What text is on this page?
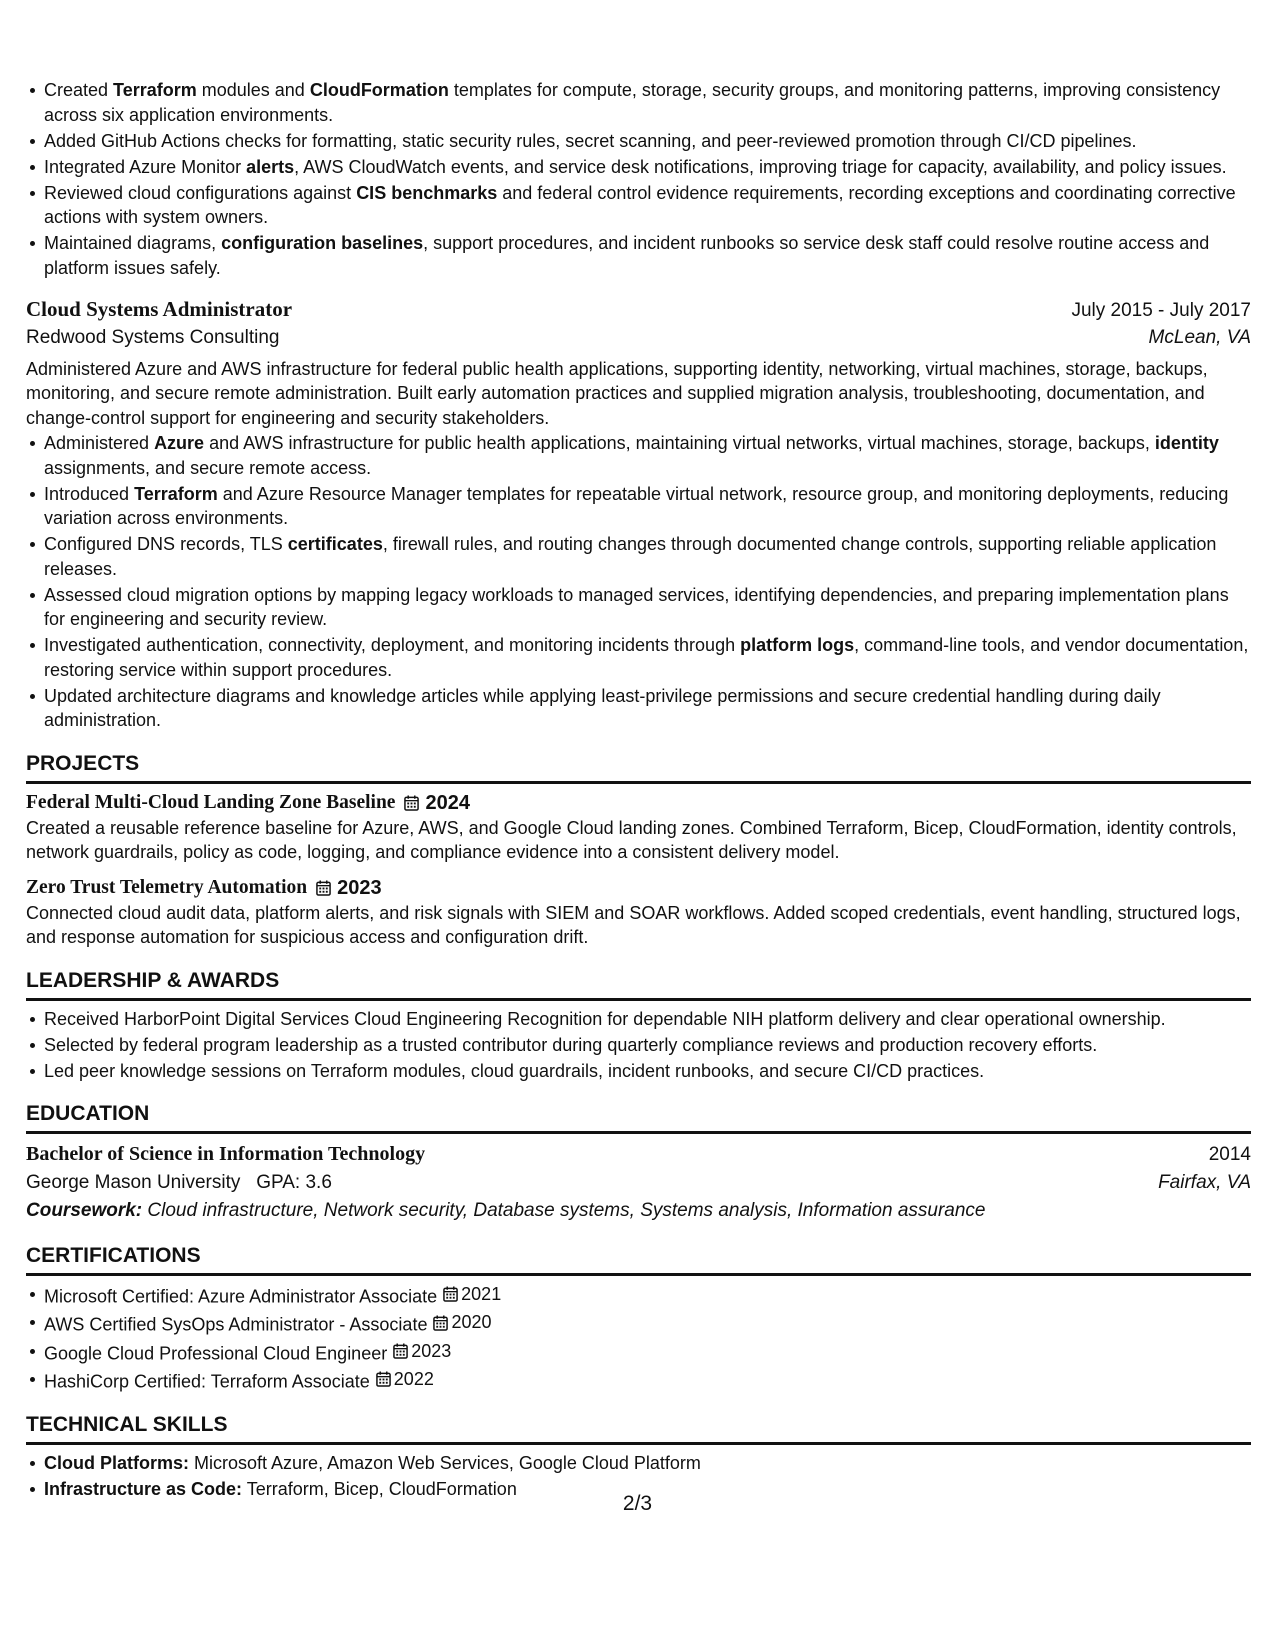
Created Terraform modules and CloudFormation templates for compute, storage, security groups, and monitoring patterns, improving consistency across six application environments.
Added GitHub Actions checks for formatting, static security rules, secret scanning, and peer-reviewed promotion through CI/CD pipelines.
Integrated Azure Monitor alerts, AWS CloudWatch events, and service desk notifications, improving triage for capacity, availability, and policy issues.
Reviewed cloud configurations against CIS benchmarks and federal control evidence requirements, recording exceptions and coordinating corrective actions with system owners.
Maintained diagrams, configuration baselines, support procedures, and incident runbooks so service desk staff could resolve routine access and platform issues safely.
Cloud Systems Administrator	July 2015 - July 2017
Redwood Systems Consulting	McLean, VA
Administered Azure and AWS infrastructure for federal public health applications, supporting identity, networking, virtual machines, storage, backups, monitoring, and secure remote administration. Built early automation practices and supplied migration analysis, troubleshooting, documentation, and change-control support for engineering and security stakeholders.
Administered Azure and AWS infrastructure for public health applications, maintaining virtual networks, virtual machines, storage, backups, identity assignments, and secure remote access.
Introduced Terraform and Azure Resource Manager templates for repeatable virtual network, resource group, and monitoring deployments, reducing variation across environments.
Configured DNS records, TLS certificates, firewall rules, and routing changes through documented change controls, supporting reliable application releases.
Assessed cloud migration options by mapping legacy workloads to managed services, identifying dependencies, and preparing implementation plans for engineering and security review.
Investigated authentication, connectivity, deployment, and monitoring incidents through platform logs, command-line tools, and vendor documentation, restoring service within support procedures.
Updated architecture diagrams and knowledge articles while applying least-privilege permissions and secure credential handling during daily administration.
PROJECTS
Federal Multi-Cloud Landing Zone Baseline 2024
Created a reusable reference baseline for Azure, AWS, and Google Cloud landing zones. Combined Terraform, Bicep, CloudFormation, identity controls, network guardrails, policy as code, logging, and compliance evidence into a consistent delivery model.
Zero Trust Telemetry Automation 2023
Connected cloud audit data, platform alerts, and risk signals with SIEM and SOAR workflows. Added scoped credentials, event handling, structured logs, and response automation for suspicious access and configuration drift.
LEADERSHIP & AWARDS
Received HarborPoint Digital Services Cloud Engineering Recognition for dependable NIH platform delivery and clear operational ownership.
Selected by federal program leadership as a trusted contributor during quarterly compliance reviews and production recovery efforts.
Led peer knowledge sessions on Terraform modules, cloud guardrails, incident runbooks, and secure CI/CD practices.
EDUCATION
Bachelor of Science in Information Technology	2014
George Mason University GPA: 3.6	Fairfax, VA
Coursework: Cloud infrastructure, Network security, Database systems, Systems analysis, Information assurance
CERTIFICATIONS
Microsoft Certified: Azure Administrator Associate 2021
AWS Certified SysOps Administrator - Associate 2020
Google Cloud Professional Cloud Engineer 2023
HashiCorp Certified: Terraform Associate 2022
TECHNICAL SKILLS
Cloud Platforms: Microsoft Azure, Amazon Web Services, Google Cloud Platform
Infrastructure as Code: Terraform, Bicep, CloudFormation
2/3
